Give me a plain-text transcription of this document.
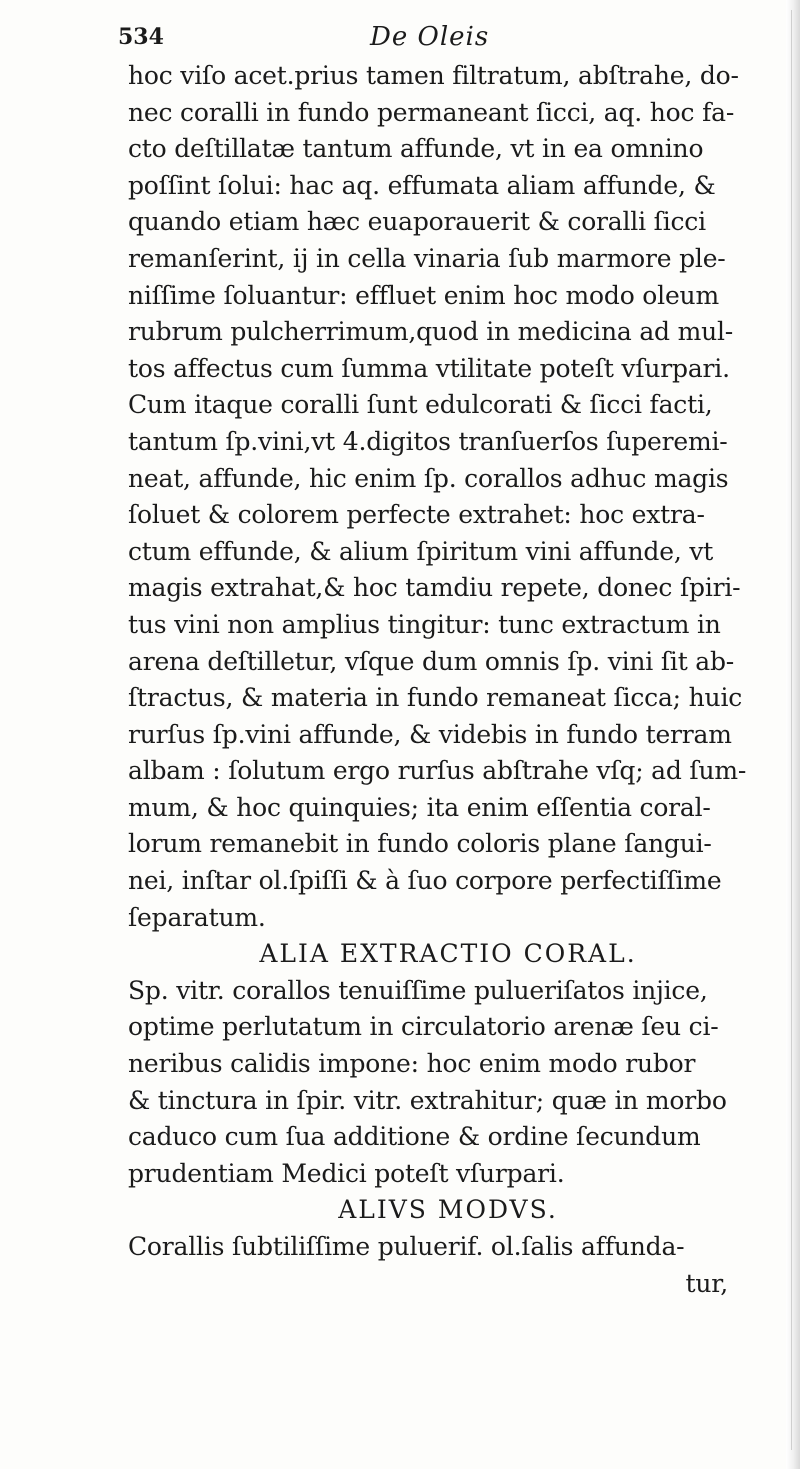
534	De Oleis
hoc viſo acet.prius tamen filtratum, abſtrahe, do-
nec coralli in fundo permaneant ſicci, aq. hoc fa-
cto deſtillatæ tantum affunde, vt in ea omnino
poſſint ſolui: hac aq. effumata aliam affunde, &
quando etiam hæc euaporauerit & coralli ſicci
remanſerint, ij in cella vinaria ſub marmore ple-
niſſime ſoluantur: effluet enim hoc modo oleum
rubrum pulcherrimum,quod in medicina ad mul-
tos affectus cum ſumma vtilitate poteſt vſurpari.
Cum itaque coralli ſunt edulcorati & ſicci facti,
tantum ſp.vini,vt 4.digitos tranſuerſos ſuperemi-
neat, affunde, hic enim ſp. corallos adhuc magis
ſoluet & colorem perfecte extrahet: hoc extra-
ctum effunde, & alium ſpiritum vini affunde, vt
magis extrahat,& hoc tamdiu repete, donec ſpiri-
tus vini non amplius tingitur: tunc extractum in
arena deſtilletur, vſque dum omnis ſp. vini ſit ab-
ſtractus, & materia in fundo remaneat ſicca; huic
rurſus ſp.vini affunde, & videbis in fundo terram
albam : ſolutum ergo rurſus abſtrahe vſq; ad ſum-
mum, & hoc quinquies; ita enim eſſentia coral-
lorum remanebit in fundo coloris plane ſangui-
nei, inſtar ol.ſpiſſi & à ſuo corpore perfectiſſime
ſeparatum.
ALIA EXTRACTIO CORAL.
Sp. vitr. corallos tenuiſſime pulueriſatos injice,
optime perlutatum in circulatorio arenæ ſeu ci-
neribus calidis impone: hoc enim modo rubor
& tinctura in ſpir. vitr. extrahitur; quæ in morbo
caduco cum ſua additione & ordine ſecundum
prudentiam Medici poteſt vſurpari.
ALIVS MODVS.
Corallis ſubtiliſſime puluerif. ol.ſalis affunda-
tur,
